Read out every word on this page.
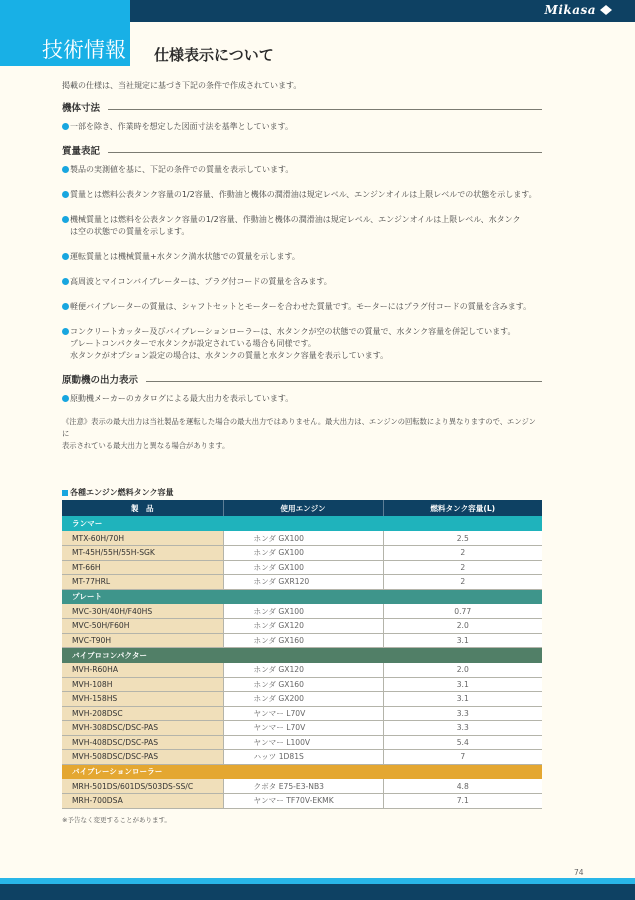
Mikasa
技術情報 仕様表示について
掲載の仕様は、当社規定に基づき下記の条件で作成されています。
機体寸法
一部を除き、作業時を想定した図面寸法を基準としています。
質量表記
製品の実測値を基に、下記の条件での質量を表示しています。
質量とは燃料公表タンク容量の1/2容量、作動油と機体の潤滑油は規定レベル、エンジンオイルは上限レベルでの状態を示します。
機械質量とは燃料を公表タンク容量の1/2容量、作動油と機体の潤滑油は規定レベル、エンジンオイルは上限レベル、水タンク
は空の状態での質量を示します。
運転質量とは機械質量+水タンク満水状態での質量を示します。
高周波とマイコンバイブレーターは、プラグ付コードの質量を含みます。
軽便バイブレーターの質量は、シャフトセットとモーターを合わせた質量です。モーターにはプラグ付コードの質量を含みます。
コンクリートカッター及びバイブレーションローラーは、水タンクが空の状態での質量で、水タンク容量を併記しています。
プレートコンパクターで水タンクが設定されている場合も同様です。
水タンクがオプション設定の場合は、水タンクの質量と水タンク容量を表示しています。
原動機の出力表示
原動機メーカーのカタログによる最大出力を表示しています。
《注意》表示の最大出力は当社製品を運転した場合の最大出力ではありません。最大出力は、エンジンの回転数により異なりますので、エンジンに
表示されている最大出力と異なる場合があります。
各種エンジン燃料タンク容量
製　品	使用エンジン	燃料タンク容量(L)
ランマー		
MTX-60H/70H	ホンダ GX100	2.5
MT-45H/55H/55H-SGK	ホンダ GX100	2
MT-66H	ホンダ GX100	2
MT-77HRL	ホンダ GXR120	2
プレート		
MVC-30H/40H/F40HS	ホンダ GX100	0.77
MVC-50H/F60H	ホンダ GX120	2.0
MVC-T90H	ホンダ GX160	3.1
バイブロコンパクター		
MVH-R60HA	ホンダ GX120	2.0
MVH-108H	ホンダ GX160	3.1
MVH-158HS	ホンダ GX200	3.1
MVH-208DSC	ヤンマー L70V	3.3
MVH-308DSC/DSC-PAS	ヤンマー L70V	3.3
MVH-408DSC/DSC-PAS	ヤンマー L100V	5.4
MVH-508DSC/DSC-PAS	ハッツ 1D81S	7
バイブレーションローラー		
MRH-501DS/601DS/503DS-SS/C	クボタ E75-E3-NB3	4.8
MRH-700DSA	ヤンマー TF70V-EKMK	7.1
※予告なく変更することがあります。
74
